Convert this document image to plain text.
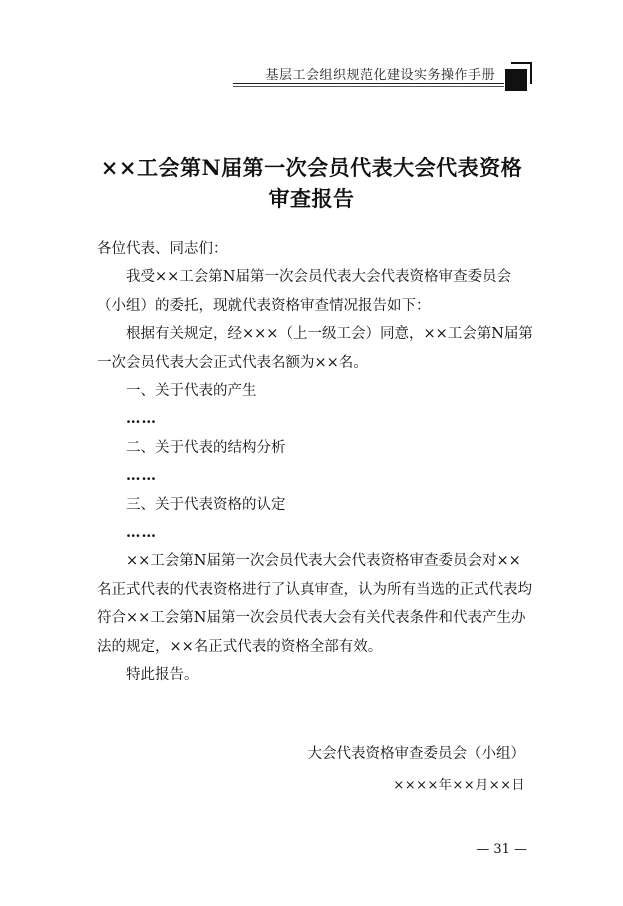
基层工会组织规范化建设实务操作手册
××工会第N届第一次会员代表大会代表资格
审查报告

各位代表、同志们：

我受××工会第N届第一次会员代表大会代表资格审查委员会（小组）的委托，现就代表资格审查情况报告如下：

根据有关规定，经×××（上一级工会）同意，××工会第N届第一次会员代表大会正式代表名额为××名。

一、关于代表的产生

……

二、关于代表的结构分析

……

三、关于代表资格的认定

……

××工会第N届第一次会员代表大会代表资格审查委员会对××名正式代表的代表资格进行了认真审查，认为所有当选的正式代表均符合××工会第N届第一次会员代表大会有关代表条件和代表产生办法的规定，××名正式代表的资格全部有效。

特此报告。

大会代表资格审查委员会（小组）
××××年××月××日
— 31 —
